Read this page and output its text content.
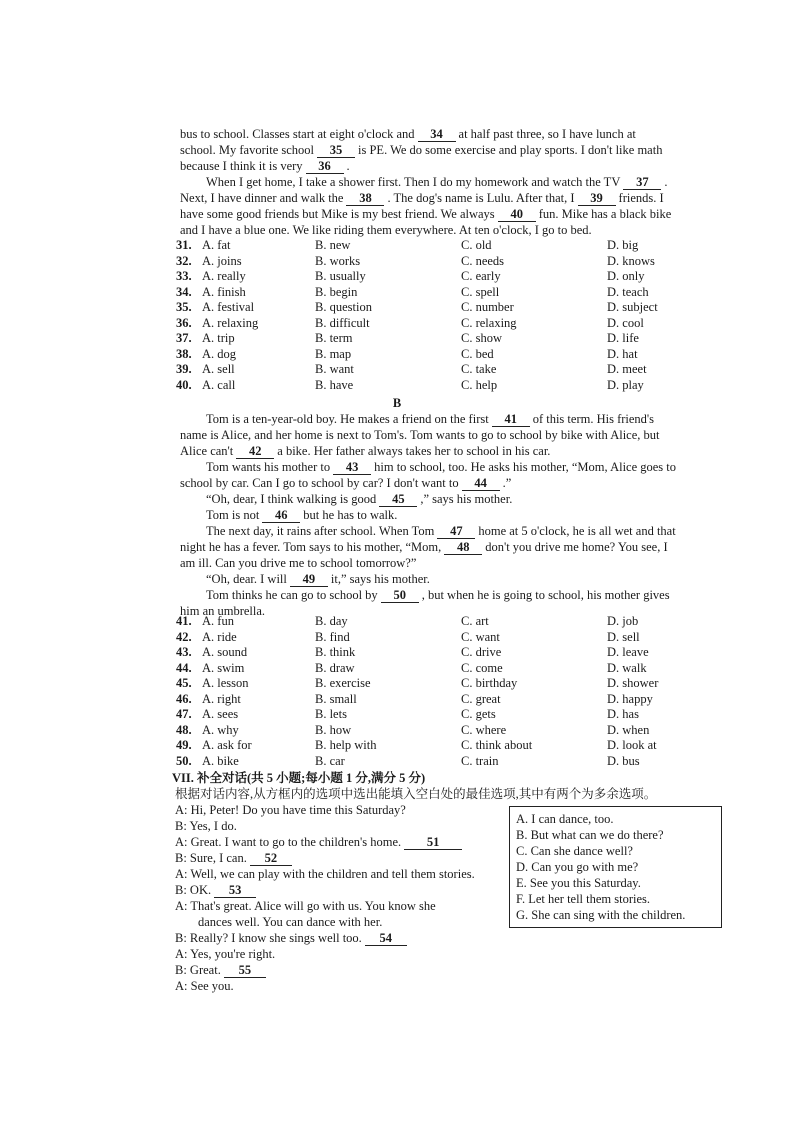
bus to school. Classes start at eight o'clock and 34 at half past three, so I have lunch at
school. My favorite school 35 is PE. We do some exercise and play sports. I don't like math
because I think it is very 36 .
When I get home, I take a shower first. Then I do my homework and watch the TV 37 .
Next, I have dinner and walk the 38 . The dog's name is Lulu. After that, I 39 friends. I
have some good friends but Mike is my best friend. We always 40 fun. Mike has a black bike
and I have a blue one. We like riding them everywhere. At ten o'clock, I go to bed.
31. A. fat	B. new	C. old	D. big
32. A. joins	B. works	C. needs	D. knows
33. A. really	B. usually	C. early	D. only
34. A. finish	B. begin	C. spell	D. teach
35. A. festival	B. question	C. number	D. subject
36. A. relaxing	B. difficult	C. relaxing	D. cool
37. A. trip	B. term	C. show	D. life
38. A. dog	B. map	C. bed	D. hat
39. A. sell	B. want	C. take	D. meet
40. A. call	B. have	C. help	D. play
B
Tom is a ten-year-old boy. He makes a friend on the first 41 of this term. His friend's
name is Alice, and her home is next to Tom's. Tom wants to go to school by bike with Alice, but
Alice can't 42 a bike. Her father always takes her to school in his car.
Tom wants his mother to 43 him to school, too. He asks his mother, “Mom, Alice goes to
school by car. Can I go to school by car? I don't want to 44 .”
“Oh, dear, I think walking is good 45 ,” says his mother.
Tom is not 46 but he has to walk.
The next day, it rains after school. When Tom 47 home at 5 o'clock, he is all wet and that
night he has a fever. Tom says to his mother, “Mom, 48 don't you drive me home? You see, I
am ill. Can you drive me to school tomorrow?”
“Oh, dear. I will 49 it,” says his mother.
Tom thinks he can go to school by 50 , but when he is going to school, his mother gives
him an umbrella.
41. A. fun	B. day	C. art	D. job
42. A. ride	B. find	C. want	D. sell
43. A. sound	B. think	C. drive	D. leave
44. A. swim	B. draw	C. come	D. walk
45. A. lesson	B. exercise	C. birthday	D. shower
46. A. right	B. small	C. great	D. happy
47. A. sees	B. lets	C. gets	D. has
48. A. why	B. how	C. where	D. when
49. A. ask for	B. help with	C. think about	D. look at
50. A. bike	B. car	C. train	D. bus
VII. 补全对话(共 5 小题;每小题 1 分,满分 5 分)
根据对话内容,从方框内的选项中选出能填入空白处的最佳选项,其中有两个为多余选项。
A: Hi, Peter! Do you have time this Saturday?
B: Yes, I do.
A: Great. I want to go to the children's home. 51
B: Sure, I can. 52
A: Well, we can play with the children and tell them stories.
B: OK. 53
A: That's great. Alice will go with us. You know she
dances well. You can dance with her.
B: Really? I know she sings well too. 54
A: Yes, you're right.
B: Great. 55
A: See you.
A. I can dance, too.
B. But what can we do there?
C. Can she dance well?
D. Can you go with me?
E. See you this Saturday.
F. Let her tell them stories.
G. She can sing with the children.
